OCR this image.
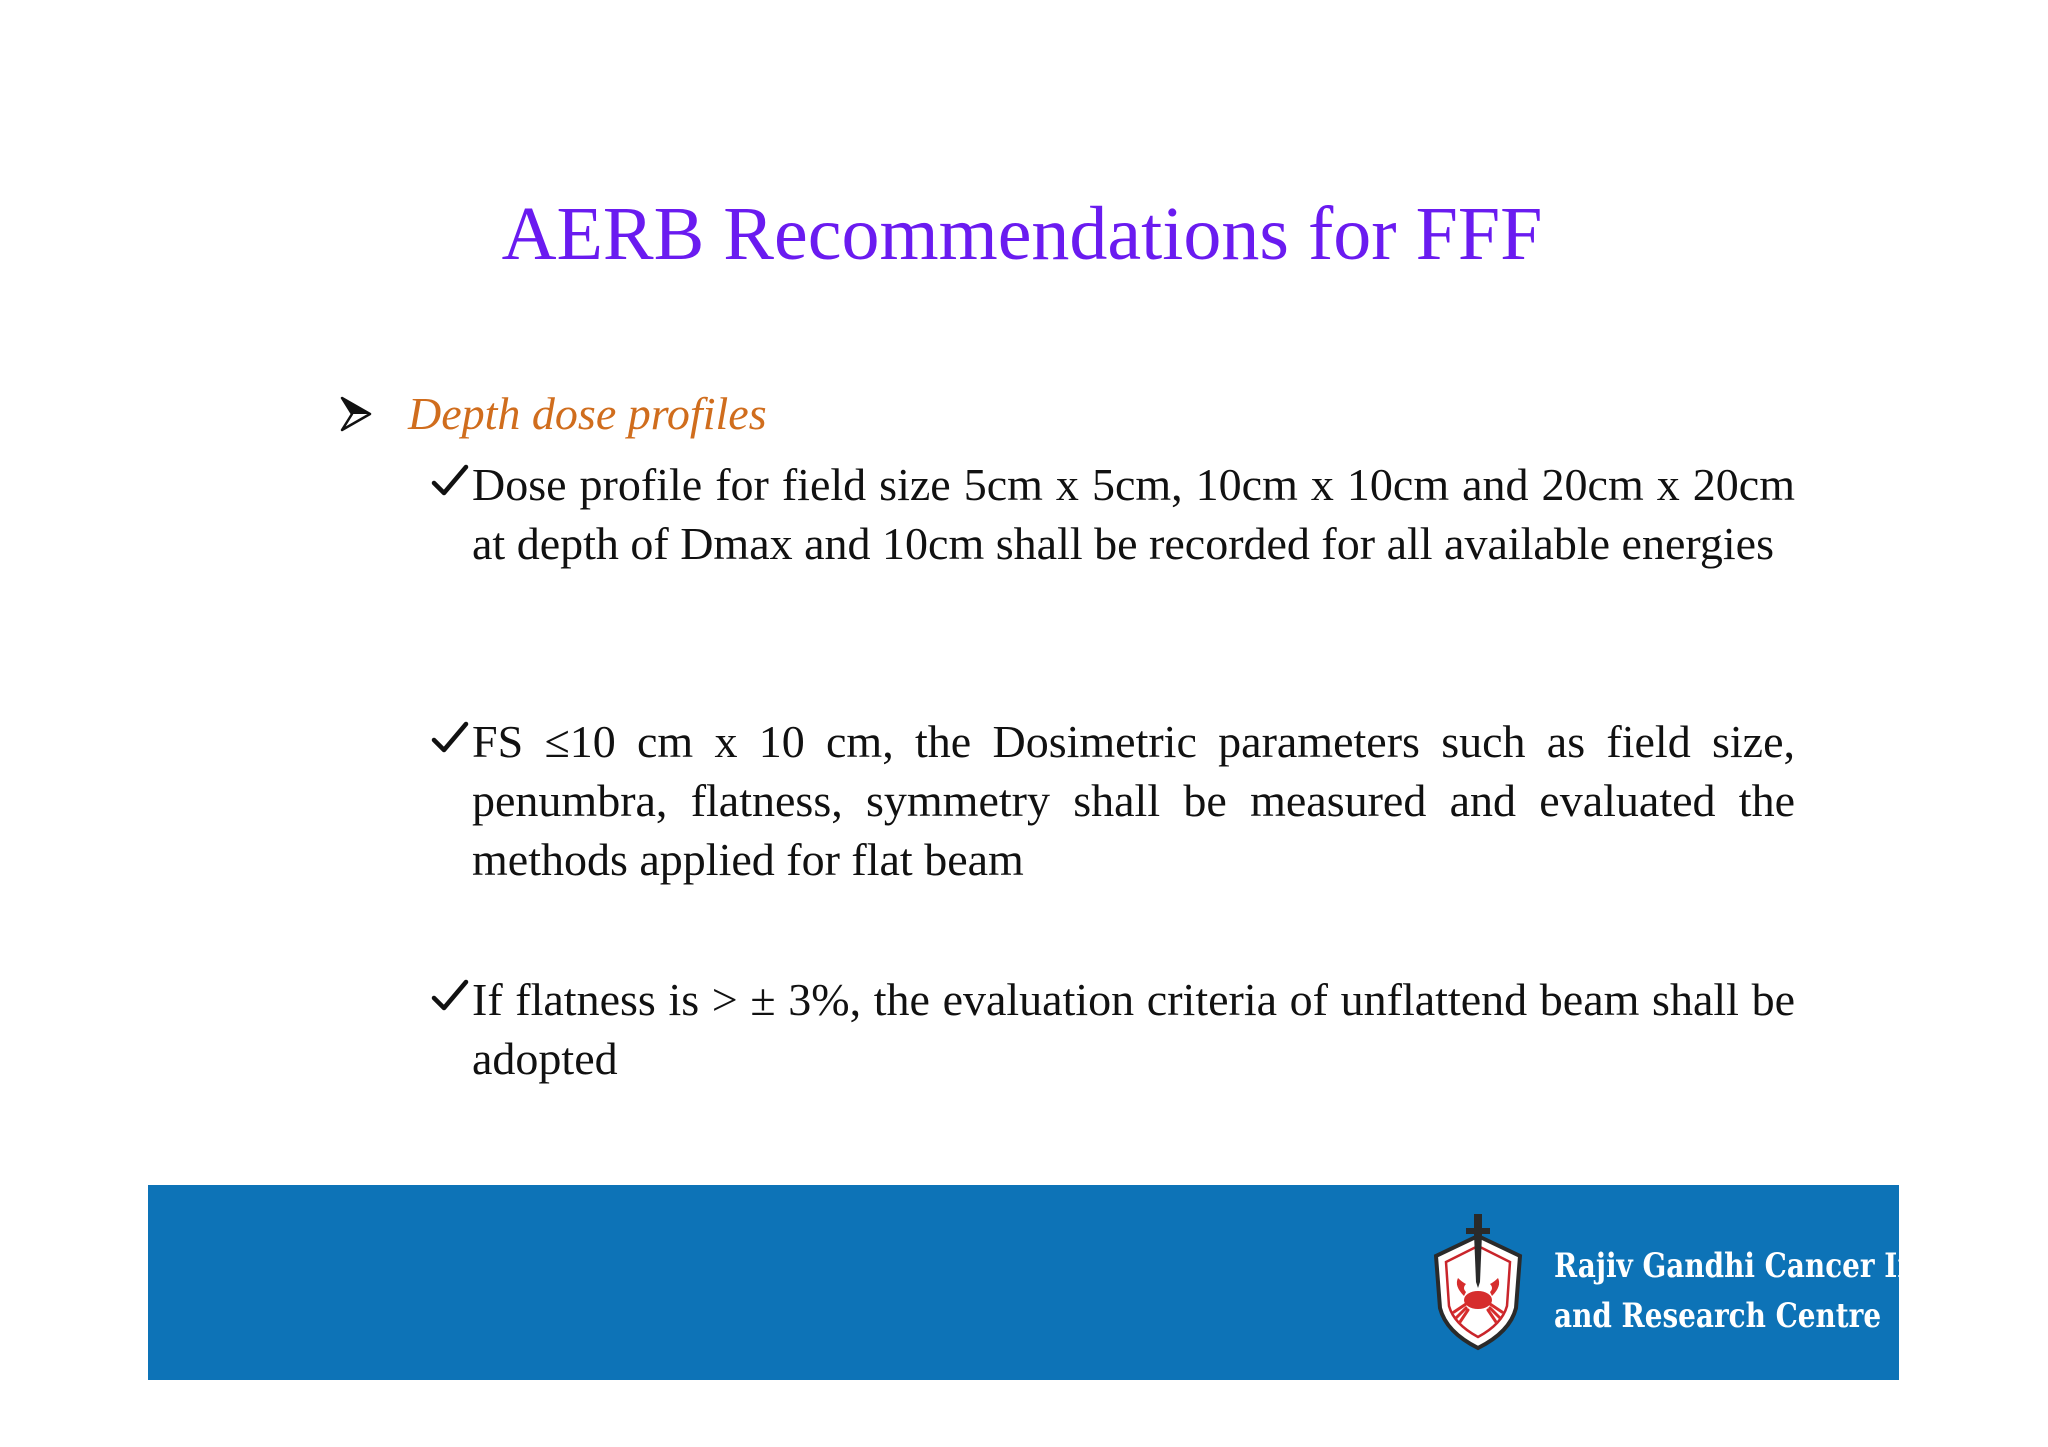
AERB Recommendations for FFF
Depth dose profiles
Dose profile for field size 5cm x 5cm, 10cm x 10cm and 20cm x 20cm at depth of Dmax and 10cm shall be recorded for all available energies
FS ≤10 cm x 10 cm, the Dosimetric parameters such as field size, penumbra, flatness, symmetry shall be measured and evaluated the methods applied for flat beam
If flatness is > ± 3%, the evaluation criteria of unflattend beam shall be adopted
Rajiv Gandhi Cancer Institute
and Research Centre
